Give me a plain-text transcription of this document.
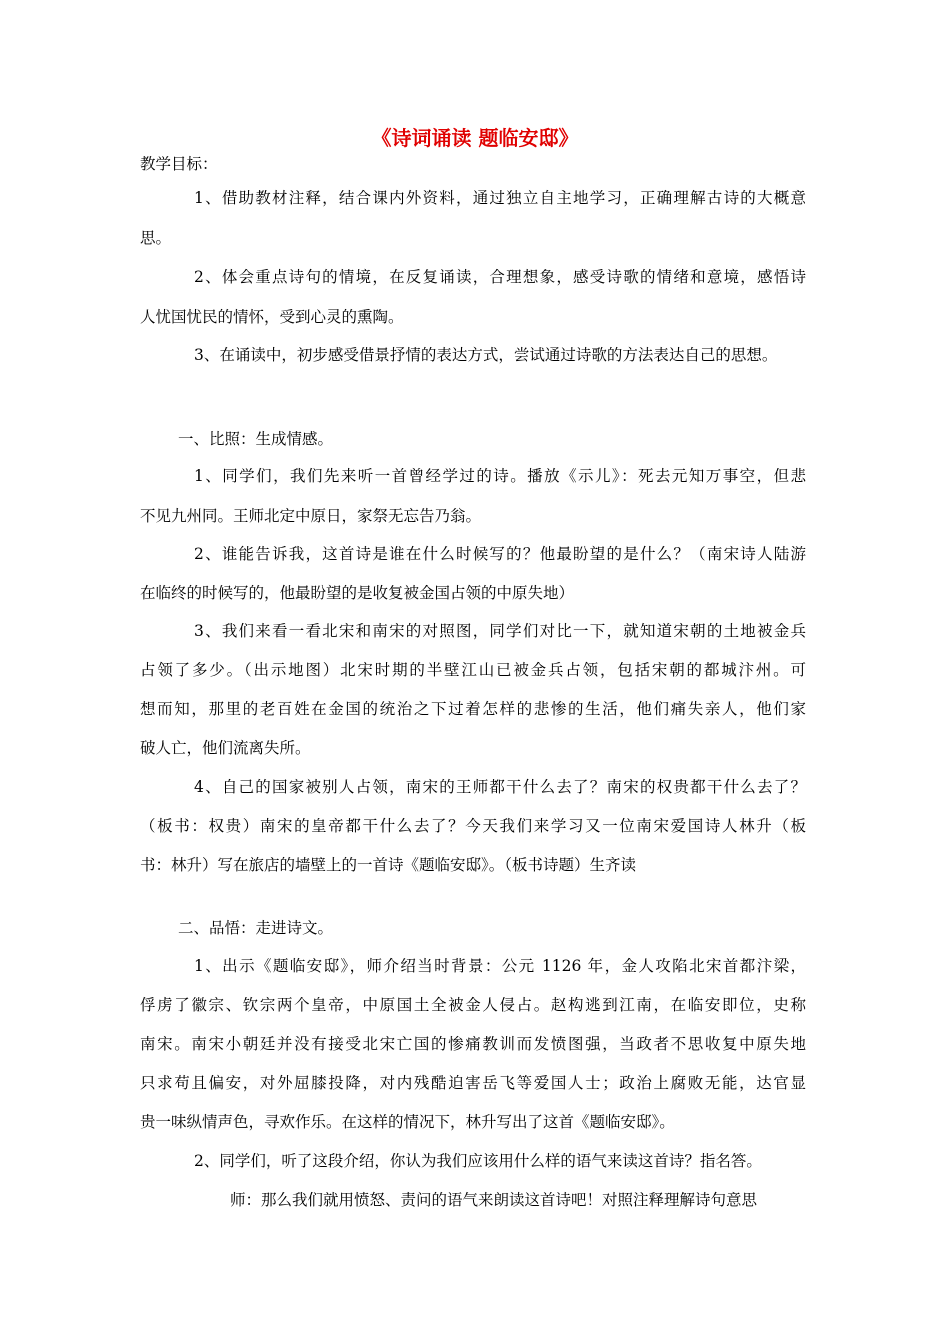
《诗词诵读 题临安邸》
教学目标：
1、借助教材注释，结合课内外资料，通过独立自主地学习，正确理解古诗的大概意
思。
2、体会重点诗句的情境，在反复诵读，合理想象，感受诗歌的情绪和意境，感悟诗
人忧国忧民的情怀，受到心灵的熏陶。
3、在诵读中，初步感受借景抒情的表达方式，尝试通过诗歌的方法表达自己的思想。
一、比照：生成情感。
1、同学们，我们先来听一首曾经学过的诗。播放《示儿》：死去元知万事空，但悲
不见九州同。王师北定中原日，家祭无忘告乃翁。
2、谁能告诉我，这首诗是谁在什么时候写的？他最盼望的是什么？（南宋诗人陆游
在临终的时候写的，他最盼望的是收复被金国占领的中原失地）
3、我们来看一看北宋和南宋的对照图，同学们对比一下，就知道宋朝的土地被金兵
占领了多少。（出示地图）北宋时期的半壁江山已被金兵占领，包括宋朝的都城汴州。可
想而知，那里的老百姓在金国的统治之下过着怎样的悲惨的生活，他们痛失亲人，他们家
破人亡，他们流离失所。
4、自己的国家被别人占领，南宋的王师都干什么去了？南宋的权贵都干什么去了？
（板书：权贵）南宋的皇帝都干什么去了？今天我们来学习又一位南宋爱国诗人林升（板
书：林升）写在旅店的墙壁上的一首诗《题临安邸》。（板书诗题）生齐读
二、品悟：走进诗文。
1、出示《题临安邸》，师介绍当时背景：公元 1126 年，金人攻陷北宋首都汴梁，
俘虏了徽宗、钦宗两个皇帝，中原国土全被金人侵占。赵构逃到江南，在临安即位，史称
南宋。南宋小朝廷并没有接受北宋亡国的惨痛教训而发愤图强，当政者不思收复中原失地
只求苟且偏安，对外屈膝投降，对内残酷迫害岳飞等爱国人士；政治上腐败无能，达官显
贵一味纵情声色，寻欢作乐。在这样的情况下，林升写出了这首《题临安邸》。
2、同学们，听了这段介绍，你认为我们应该用什么样的语气来读这首诗？指名答。
师：那么我们就用愤怒、责问的语气来朗读这首诗吧！对照注释理解诗句意思
